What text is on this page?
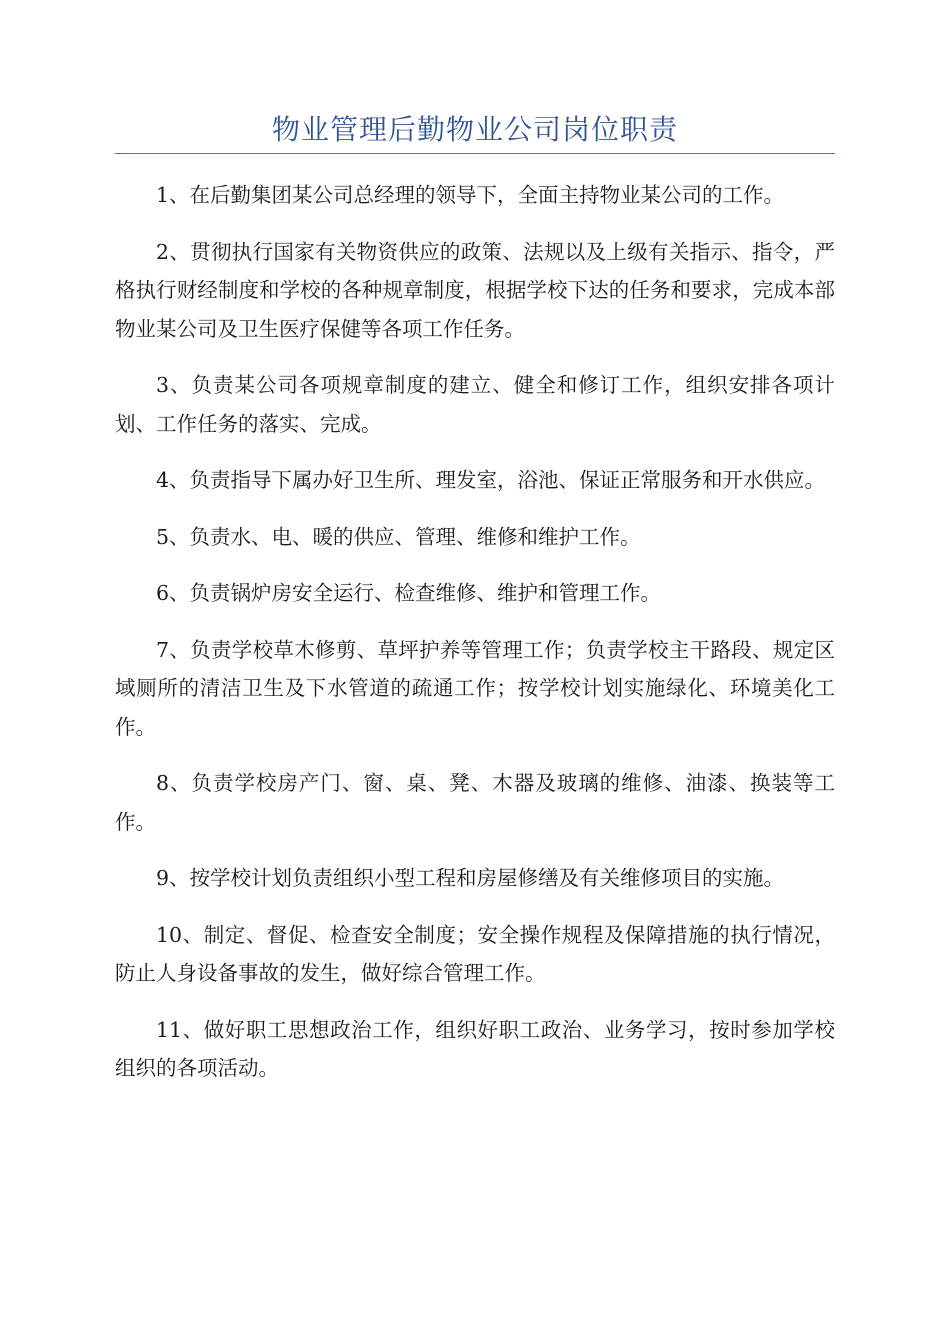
物业管理后勤物业公司岗位职责

1、在后勤集团某公司总经理的领导下，全面主持物业某公司的工作。

2、贯彻执行国家有关物资供应的政策、法规以及上级有关指示、指令，严格执行财经制度和学校的各种规章制度，根据学校下达的任务和要求，完成本部物业某公司及卫生医疗保健等各项工作任务。

3、负责某公司各项规章制度的建立、健全和修订工作，组织安排各项计划、工作任务的落实、完成。

4、负责指导下属办好卫生所、理发室，浴池、保证正常服务和开水供应。

5、负责水、电、暖的供应、管理、维修和维护工作。

6、负责锅炉房安全运行、检查维修、维护和管理工作。

7、负责学校草木修剪、草坪护养等管理工作；负责学校主干路段、规定区域厕所的清洁卫生及下水管道的疏通工作；按学校计划实施绿化、环境美化工作。

8、负责学校房产门、窗、桌、凳、木器及玻璃的维修、油漆、换装等工作。

9、按学校计划负责组织小型工程和房屋修缮及有关维修项目的实施。

10、制定、督促、检查安全制度；安全操作规程及保障措施的执行情况，防止人身设备事故的发生，做好综合管理工作。

11、做好职工思想政治工作，组织好职工政治、业务学习，按时参加学校组织的各项活动。
